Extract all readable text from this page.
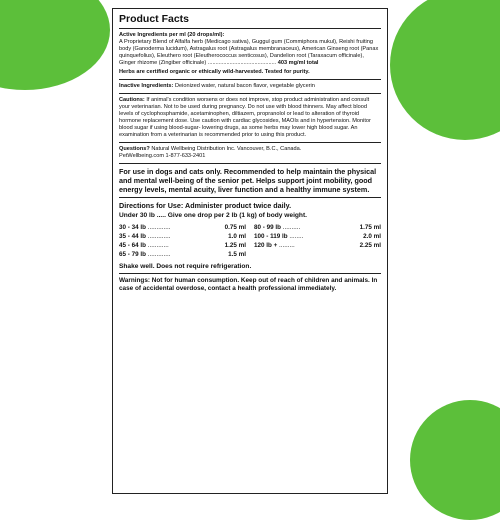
Product Facts
Active Ingredients per ml (20 drops/ml):
A Proprietary Blend of Alfalfa herb (Medicago sativa), Guggul gum (Commiphora mukul), Reishi fruiting body (Ganoderma lucidum), Astragalus root (Astragalus membranaceus), American Ginseng root (Panax quinquefolius), Eleuthero root (Eleutherococcus senticosus), Dandelion root (Taraxacum officinale), Ginger rhizome (Zingiber officinale) ............................................ 403 mg/ml total
Herbs are certified organic or ethically wild-harvested. Tested for purity.
Inactive Ingredients: Deionized water, natural bacon flavor, vegetable glycerin
Cautions: If animal's condition worsens or does not improve, stop product administration and consult your veterinarian. Not to be used during pregnancy. Do not use with blood thinners. May affect blood levels of cyclophosphamide, acetaminophen, diltiazem, propranolol or lead to alteration of thyroid hormone replacement dose. Use caution with cardiac glycosides, MAOIs and in hypertension. Monitor blood sugar if using blood-sugar- lowering drugs, as some herbs may lower high blood sugar. An examination from a veterinarian is recommended prior to using this product.
Questions? Natural Wellbeing Distribution Inc. Vancouver, B.C., Canada.
PetWellbeing.com 1-877-633-2401
For use in dogs and cats only. Recommended to help maintain the physical and mental well-being of the senior pet. Helps support joint mobility, good energy levels, mental acuity, liver function and a healthy immune system.
Directions for Use: Administer product twice daily.
Under 30 lb ..... Give one drop per 2 lb (1 kg) of body weight.
30 - 34 lb .............	0.75 ml
35 - 44 lb .............	1.0 ml
45 - 64 lb ............	1.25 ml
65 - 79 lb .............	1.5 ml
80 - 99 lb ..........	1.75 ml
100 - 119 lb ........	2.0 ml
120 lb + .........	2.25 ml
Shake well. Does not require refrigeration.
Warnings: Not for human consumption. Keep out of reach of children and animals. In case of accidental overdose, contact a health professional immediately.
